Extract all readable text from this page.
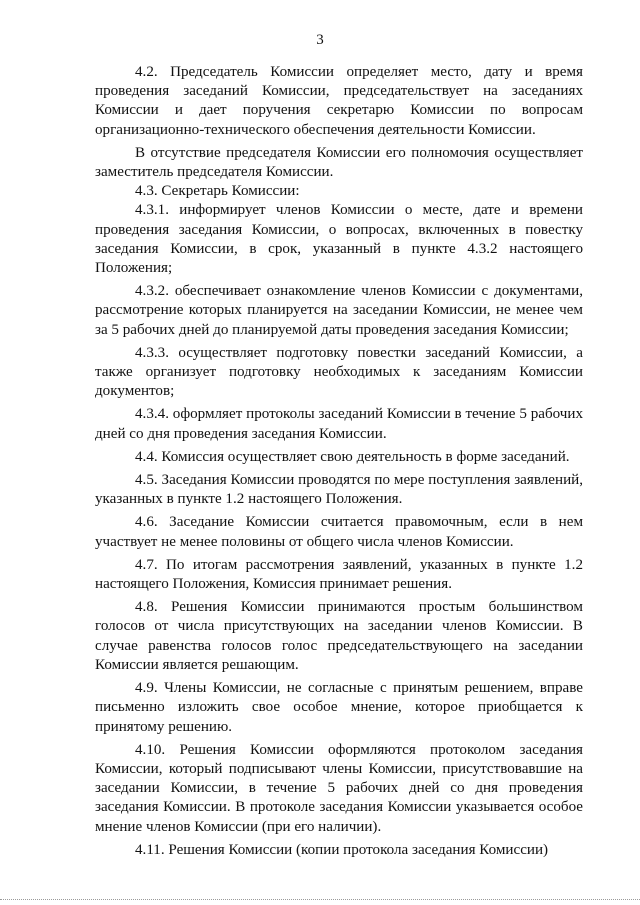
3

4.2. Председатель Комиссии определяет место, дату и время проведения заседаний Комиссии, председательствует на заседаниях Комиссии и дает поручения секретарю Комиссии по вопросам организационно-технического обеспечения деятельности Комиссии.

В отсутствие председателя Комиссии его полномочия осуществляет заместитель председателя Комиссии.

4.3. Секретарь Комиссии:

4.3.1. информирует членов Комиссии о месте, дате и времени проведения заседания Комиссии, о вопросах, включенных в повестку заседания Комиссии, в срок, указанный в пункте 4.3.2 настоящего Положения;

4.3.2. обеспечивает ознакомление членов Комиссии с документами, рассмотрение которых планируется на заседании Комиссии, не менее чем за 5 рабочих дней до планируемой даты проведения заседания Комиссии;

4.3.3. осуществляет подготовку повестки заседаний Комиссии, а также организует подготовку необходимых к заседаниям Комиссии документов;

4.3.4. оформляет протоколы заседаний Комиссии в течение 5 рабочих дней со дня проведения заседания Комиссии.

4.4. Комиссия осуществляет свою деятельность в форме заседаний.

4.5. Заседания Комиссии проводятся по мере поступления заявлений, указанных в пункте 1.2 настоящего Положения.

4.6. Заседание Комиссии считается правомочным, если в нем участвует не менее половины от общего числа членов Комиссии.

4.7. По итогам рассмотрения заявлений, указанных в пункте 1.2 настоящего Положения, Комиссия принимает решения.

4.8. Решения Комиссии принимаются простым большинством голосов от числа присутствующих на заседании членов Комиссии. В случае равенства голосов голос председательствующего на заседании Комиссии является решающим.

4.9. Члены Комиссии, не согласные с принятым решением, вправе письменно изложить свое особое мнение, которое приобщается к принятому решению.

4.10. Решения Комиссии оформляются протоколом заседания Комиссии, который подписывают члены Комиссии, присутствовавшие на заседании Комиссии, в течение 5 рабочих дней со дня проведения заседания Комиссии. В протоколе заседания Комиссии указывается особое мнение членов Комиссии (при его наличии).

4.11. Решения Комиссии (копии протокола заседания Комиссии)
